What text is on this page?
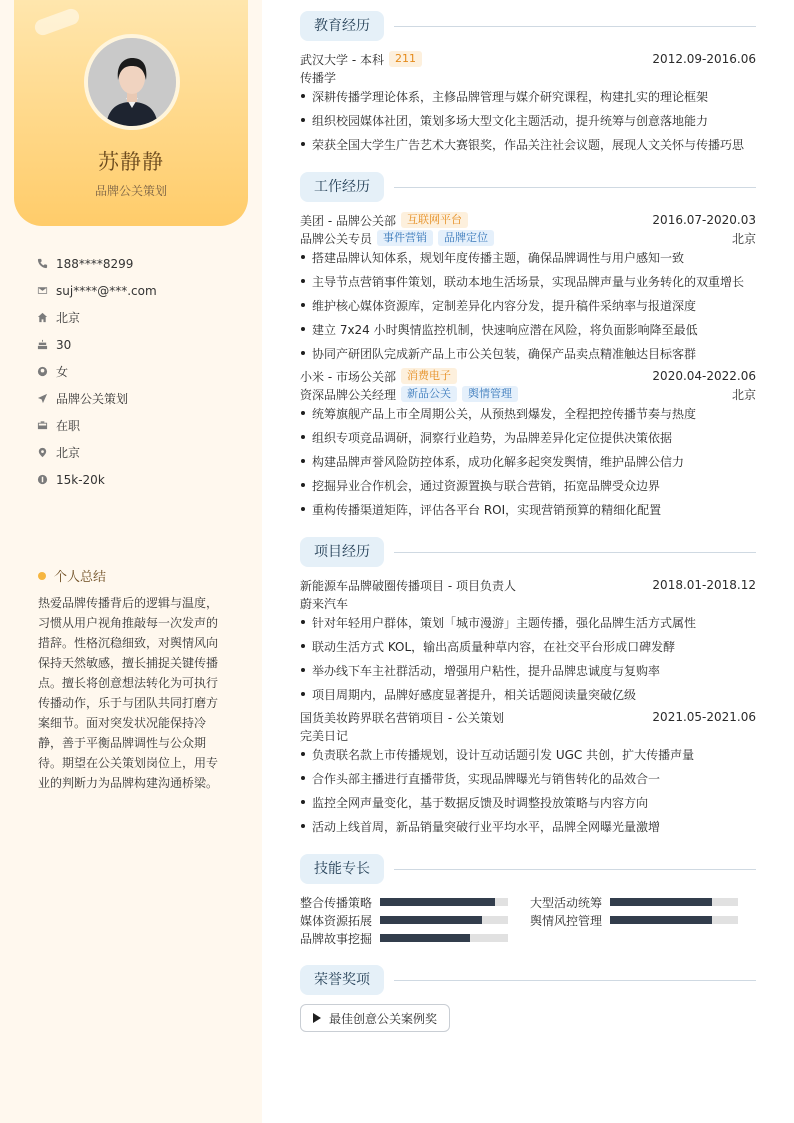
苏静静
品牌公关策划
188****8299
suj****@***.com
北京
30
女
品牌公关策划
在职
北京
15k-20k
个人总结

热爱品牌传播背后的逻辑与温度，习惯从用户视角推敲每一次发声的措辞。性格沉稳细致，对舆情风向保持天然敏感，擅长捕捉关键传播点。擅长将创意想法转化为可执行传播动作，乐于与团队共同打磨方案细节。面对突发状况能保持冷静，善于平衡品牌调性与公众期待。期望在公关策划岗位上，用专业的判断力为品牌构建沟通桥梁。

教育经历
武汉大学 - 本科	211	2012.09-2016.06
传播学
深耕传播学理论体系，主修品牌管理与媒介研究课程，构建扎实的理论框架
组织校园媒体社团，策划多场大型文化主题活动，提升统筹与创意落地能力
荣获全国大学生广告艺术大赛银奖，作品关注社会议题，展现人文关怀与传播巧思
工作经历
美团 - 品牌公关部	互联网平台	2016.07-2020.03
品牌公关专员	事件营销	品牌定位	北京
搭建品牌认知体系，规划年度传播主题，确保品牌调性与用户感知一致
主导节点营销事件策划，联动本地生活场景，实现品牌声量与业务转化的双重增长
维护核心媒体资源库，定制差异化内容分发，提升稿件采纳率与报道深度
建立 7x24 小时舆情监控机制，快速响应潜在风险，将负面影响降至最低
协同产研团队完成新产品上市公关包装，确保产品卖点精准触达目标客群
小米 - 市场公关部	消费电子	2020.04-2022.06
资深品牌公关经理	新品公关	舆情管理	北京
统筹旗舰产品上市全周期公关，从预热到爆发，全程把控传播节奏与热度
组织专项竞品调研，洞察行业趋势，为品牌差异化定位提供决策依据
构建品牌声誉风险防控体系，成功化解多起突发舆情，维护品牌公信力
挖掘异业合作机会，通过资源置换与联合营销，拓宽品牌受众边界
重构传播渠道矩阵，评估各平台 ROI，实现营销预算的精细化配置
项目经历
新能源车品牌破圈传播项目 - 项目负责人	2018.01-2018.12
蔚来汽车
针对年轻用户群体，策划「城市漫游」主题传播，强化品牌生活方式属性
联动生活方式 KOL，输出高质量种草内容，在社交平台形成口碑发酵
举办线下车主社群活动，增强用户粘性，提升品牌忠诚度与复购率
项目周期内，品牌好感度显著提升，相关话题阅读量突破亿级
国货美妆跨界联名营销项目 - 公关策划	2021.05-2021.06
完美日记
负责联名款上市传播规划，设计互动话题引发 UGC 共创，扩大传播声量
合作头部主播进行直播带货，实现品牌曝光与销售转化的品效合一
监控全网声量变化，基于数据反馈及时调整投放策略与内容方向
活动上线首周，新品销量突破行业平均水平，品牌全网曝光量激增
技能专长
整合传播策略	大型活动统筹
媒体资源拓展	舆情风控管理
品牌故事挖掘
荣誉奖项
最佳创意公关案例奖
